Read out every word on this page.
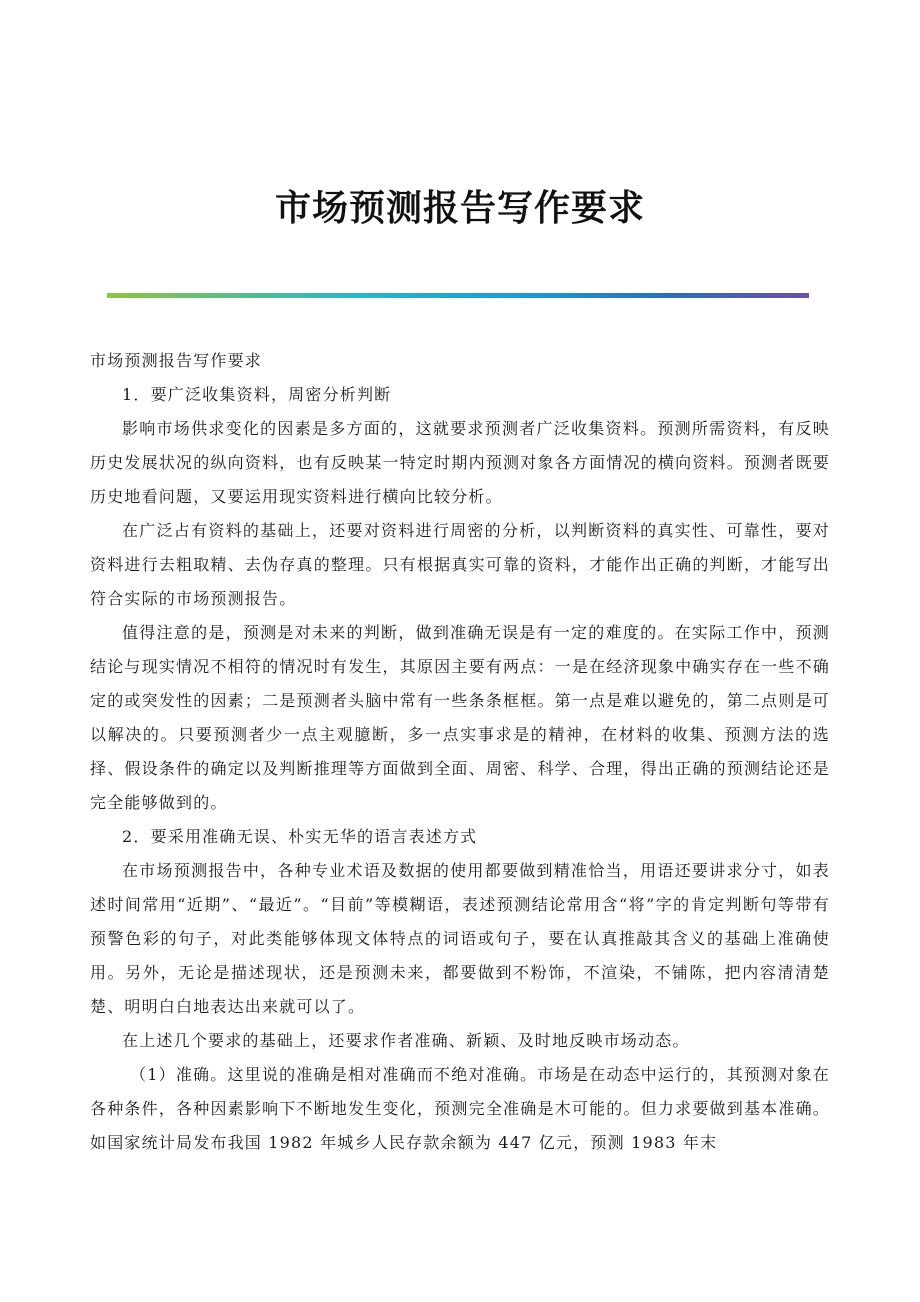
市场预测报告写作要求

市场预测报告写作要求

1．要广泛收集资料，周密分析判断

影响市场供求变化的因素是多方面的，这就要求预测者广泛收集资料。预测所需资料，有反映历史发展状况的纵向资料，也有反映某一特定时期内预测对象各方面情况的横向资料。预测者既要历史地看问题，又要运用现实资料进行横向比较分析。

在广泛占有资料的基础上，还要对资料进行周密的分析，以判断资料的真实性、可靠性，要对资料进行去粗取精、去伪存真的整理。只有根据真实可靠的资料，才能作出正确的判断，才能写出符合实际的市场预测报告。

值得注意的是，预测是对未来的判断，做到准确无误是有一定的难度的。在实际工作中，预测结论与现实情况不相符的情况时有发生，其原因主要有两点：一是在经济现象中确实存在一些不确定的或突发性的因素；二是预测者头脑中常有一些条条框框。第一点是难以避免的，第二点则是可以解决的。只要预测者少一点主观臆断，多一点实事求是的精神，在材料的收集、预测方法的选择、假设条件的确定以及判断推理等方面做到全面、周密、科学、合理，得出正确的预测结论还是完全能够做到的。

2．要采用准确无误、朴实无华的语言表述方式

在市场预测报告中，各种专业术语及数据的使用都要做到精准恰当，用语还要讲求分寸，如表述时间常用“近期”、“最近”。“目前”等模糊语，表述预测结论常用含“将”字的肯定判断句等带有预警色彩的句子，对此类能够体现文体特点的词语或句子，要在认真推敲其含义的基础上准确使用。另外，无论是描述现状，还是预测未来，都要做到不粉饰，不渲染，不铺陈，把内容清清楚楚、明明白白地表达出来就可以了。

在上述几个要求的基础上，还要求作者准确、新颖、及时地反映市场动态。

（1）准确。这里说的准确是相对准确而不绝对准确。市场是在动态中运行的，其预测对象在各种条件，各种因素影响下不断地发生变化，预测完全准确是木可能的。但力求要做到基本准确。如国家统计局发布我国 1982 年城乡人民存款余额为 447 亿元，预测 1983 年末
